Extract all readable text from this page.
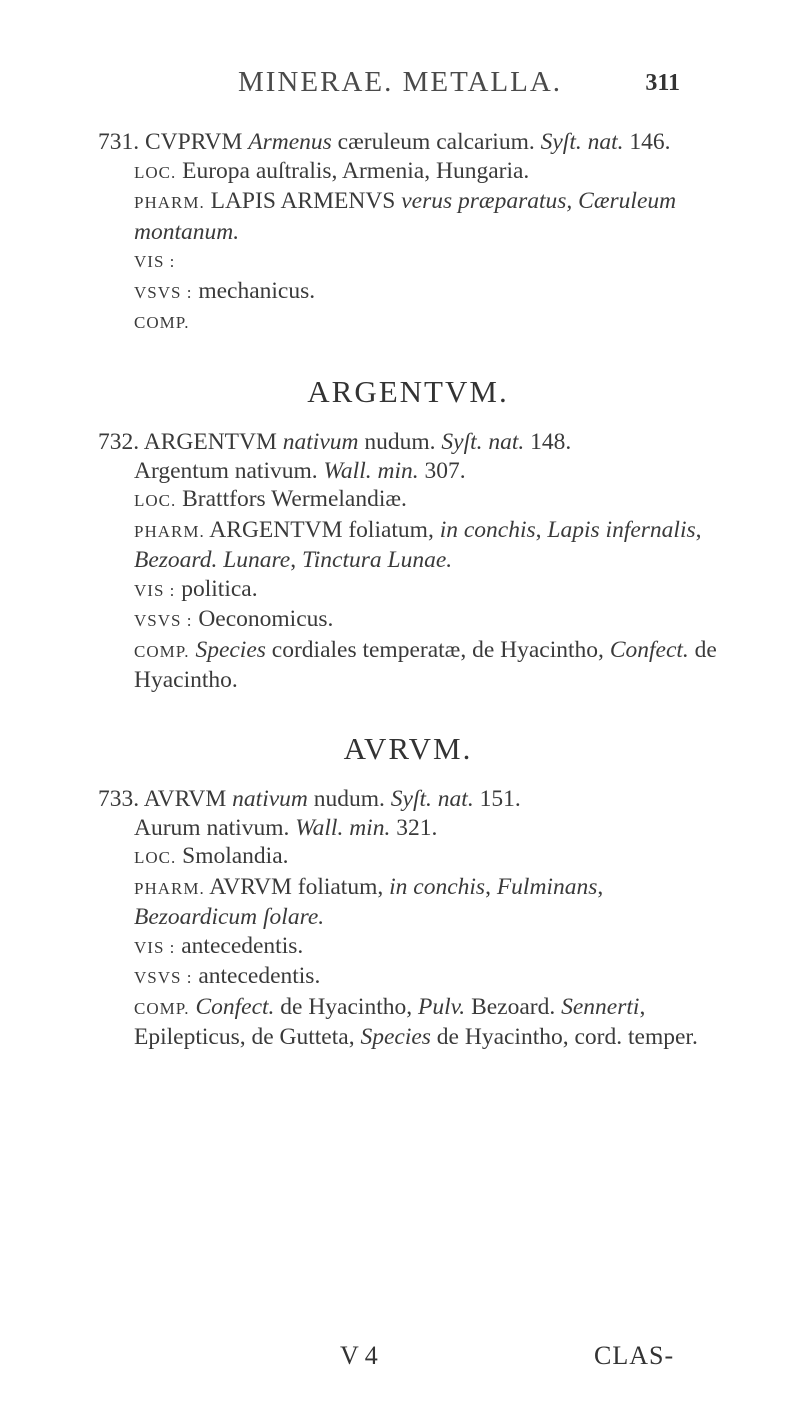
MINERAE. METALLA.	311

731. CVPRVM Armenus cæruleum calcarium. Syſt. nat. 146.

LOC. Europa auſtralis, Armenia, Hungaria.

PHARM. LAPIS ARMENVS verus præparatus, Cæruleum montanum.

VIS :

VSVS : mechanicus.

COMP.

ARGENTVM.

732. ARGENTVM nativum nudum. Syſt. nat. 148.

Argentum nativum. Wall. min. 307.

LOC. Brattfors Wermelandiæ.

PHARM. ARGENTVM foliatum, in conchis, Lapis infernalis, Bezoard. Lunare, Tinctura Lunae.

VIS : politica.

VSVS : Oeconomicus.

COMP. Species cordiales temperatæ, de Hyacintho, Confect. de Hyacintho.

AVRVM.

733. AVRVM nativum nudum. Syſt. nat. 151.

Aurum nativum. Wall. min. 321.

LOC. Smolandia.

PHARM. AVRVM foliatum, in conchis, Fulminans, Bezoardicum ſolare.

VIS : antecedentis.

VSVS : antecedentis.

COMP. Confect. de Hyacintho, Pulv. Bezoard. Sennerti, Epilepticus, de Gutteta, Species de Hyacintho, cord. temper.

V 4	CLAS-
